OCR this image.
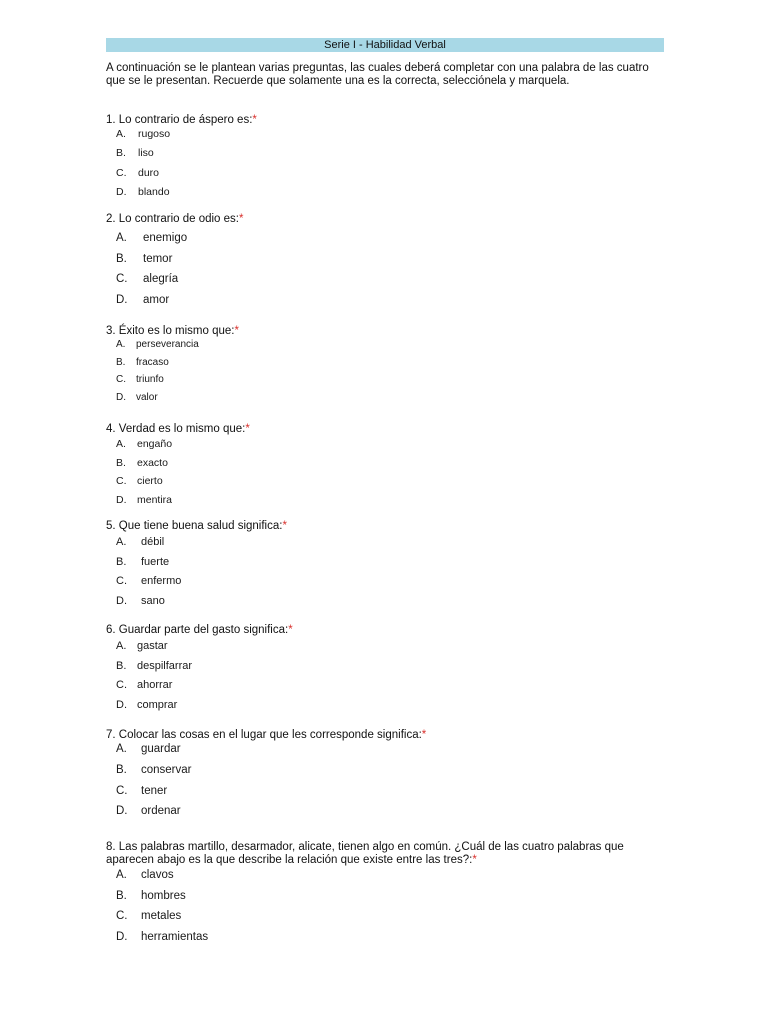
Serie I - Habilidad Verbal

A continuación se le plantean varias preguntas, las cuales deberá completar con una palabra de las cuatro que se le presentan. Recuerde que solamente una es la correcta, selecciónela y marquela.

1. Lo contrario de áspero es:*

A. rugoso
B. liso
C. duro
D. blando

2. Lo contrario de odio es:*

A. enemigo
B. temor
C. alegría
D. amor

3. Éxito es lo mismo que:*

A. perseverancia
B. fracaso
C. triunfo
D. valor

4. Verdad es lo mismo que:*

A. engaño
B. exacto
C. cierto
D. mentira

5. Que tiene buena salud significa:*

A. débil
B. fuerte
C. enfermo
D. sano

6. Guardar parte del gasto significa:*

A. gastar
B. despilfarrar
C. ahorrar
D. comprar

7. Colocar las cosas en el lugar que les corresponde significa:*

A. guardar
B. conservar
C. tener
D. ordenar

8. Las palabras martillo, desarmador, alicate, tienen algo en común. ¿Cuál de las cuatro palabras que aparecen abajo es la que describe la relación que existe entre las tres?:*

A. clavos
B. hombres
C. metales
D. herramientas
